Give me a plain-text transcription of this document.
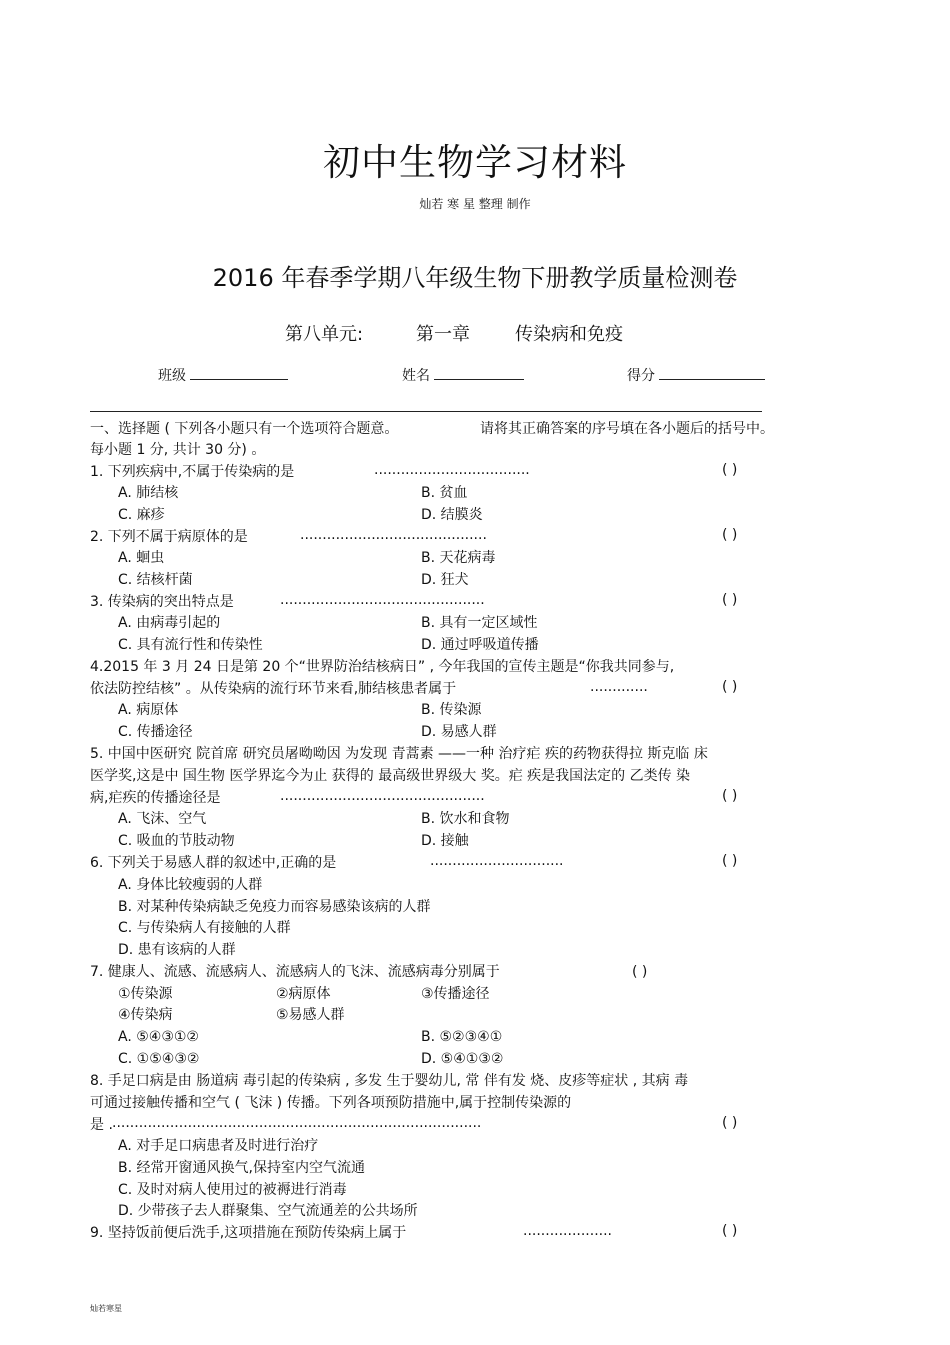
初中生物学习材料
灿若 寒 星 整理 制作
2016 年春季学期八年级生物下册教学质量检测卷
第八单元:	第一章	传染病和免疫
班级	姓名	得分
一、选择题 ( 下列各小题只有一个选项符合题意。	请将其正确答案的序号填在各小题后的括号中。
每小题 1 分, 共计 30 分) 。
1. 下列疾病中,不属于传染病的是	...................................	( )
A. 肺结核	B. 贫血
C. 麻疹	D. 结膜炎
2. 下列不属于病原体的是	..........................................	( )
A. 蛔虫	B. 天花病毒
C. 结核杆菌	D. 狂犬
3. 传染病的突出特点是	..............................................	( )
A. 由病毒引起的	B. 具有一定区域性
C. 具有流行性和传染性	D. 通过呼吸道传播
4.2015 年 3 月 24 日是第 20 个“世界防治结核病日” , 今年我国的宣传主题是“你我共同参与,
依法防控结核” 。从传染病的流行环节来看,肺结核患者属于	.............	( )
A. 病原体	B. 传染源
C. 传播途径	D. 易感人群
5. 中国中医研究 院首席 研究员屠呦呦因 为发现 青蒿素 ——一种 治疗疟 疾的药物获得拉 斯克临 床
医学奖,这是中 国生物 医学界迄今为止 获得的 最高级世界级大 奖。疟 疾是我国法定的 乙类传 染
病,疟疾的传播途径是	..............................................	( )
A. 飞沫、空气	B. 饮水和食物
C. 吸血的节肢动物	D. 接触
6. 下列关于易感人群的叙述中,正确的是	..............................	( )
A. 身体比较瘦弱的人群
B. 对某种传染病缺乏免疫力而容易感染该病的人群
C. 与传染病人有接触的人群
D. 患有该病的人群
7. 健康人、流感、流感病人、流感病人的飞沫、流感病毒分别属于	( )
①传染源	②病原体	③传播途径
④传染病	⑤易感人群
A. ⑤④③①②	B. ⑤②③④①
C. ①⑤④③②	D. ⑤④①③②
8. 手足口病是由 肠道病 毒引起的传染病 , 多发 生于婴幼儿, 常 伴有发 烧、皮疹等症状 , 其病 毒
可通过接触传播和空气 ( 飞沫 ) 传播。下列各项预防措施中,属于控制传染源的
是 . ...................................................................................	( )
A. 对手足口病患者及时进行治疗
B. 经常开窗通风换气,保持室内空气流通
C. 及时对病人使用过的被褥进行消毒
D. 少带孩子去人群聚集、空气流通差的公共场所
9. 坚持饭前便后洗手,这项措施在预防传染病上属于	....................	( )
灿若寒星
